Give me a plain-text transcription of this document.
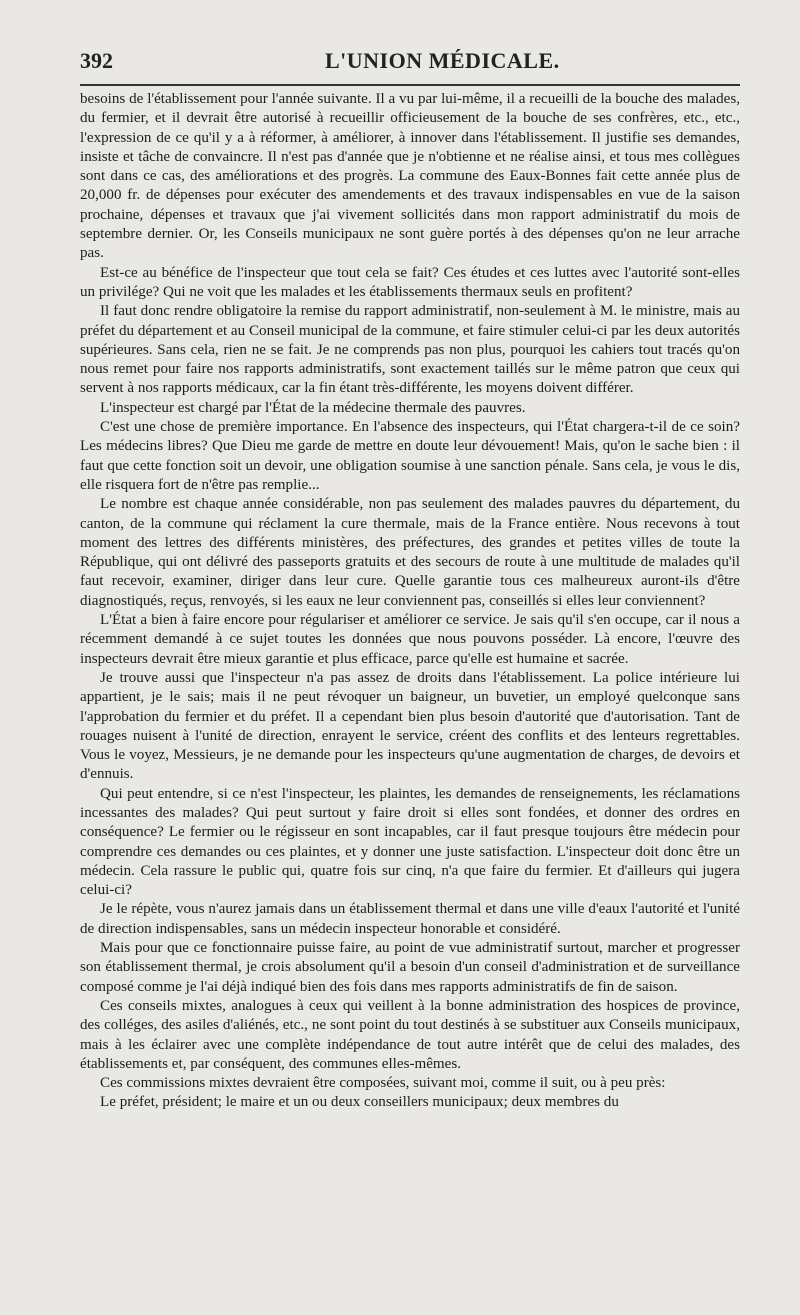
392	L'UNION MÉDICALE.

besoins de l'établissement pour l'année suivante. Il a vu par lui-même, il a recueilli de la bouche des malades, du fermier, et il devrait être autorisé à recueillir officieusement de la bouche de ses confrères, etc., etc., l'expression de ce qu'il y a à réformer, à améliorer, à innover dans l'établissement. Il justifie ses demandes, insiste et tâche de convaincre. Il n'est pas d'année que je n'obtienne et ne réalise ainsi, et tous mes collègues sont dans ce cas, des améliorations et des progrès. La commune des Eaux-Bonnes fait cette année plus de 20,000 fr. de dépenses pour exécuter des amendements et des travaux indispensables en vue de la saison prochaine, dépenses et travaux que j'ai vivement sollicités dans mon rapport administratif du mois de septembre dernier. Or, les Conseils municipaux ne sont guère portés à des dépenses qu'on ne leur arrache pas.

Est-ce au bénéfice de l'inspecteur que tout cela se fait? Ces études et ces luttes avec l'autorité sont-elles un privilége? Qui ne voit que les malades et les établissements thermaux seuls en profitent?

Il faut donc rendre obligatoire la remise du rapport administratif, non-seulement à M. le ministre, mais au préfet du département et au Conseil municipal de la commune, et faire stimuler celui-ci par les deux autorités supérieures. Sans cela, rien ne se fait. Je ne comprends pas non plus, pourquoi les cahiers tout tracés qu'on nous remet pour faire nos rapports administratifs, sont exactement taillés sur le même patron que ceux qui servent à nos rapports médicaux, car la fin étant très-différente, les moyens doivent différer.

L'inspecteur est chargé par l'État de la médecine thermale des pauvres.

C'est une chose de première importance. En l'absence des inspecteurs, qui l'État chargera-t-il de ce soin? Les médecins libres? Que Dieu me garde de mettre en doute leur dévouement! Mais, qu'on le sache bien : il faut que cette fonction soit un devoir, une obligation soumise à une sanction pénale. Sans cela, je vous le dis, elle risquera fort de n'être pas remplie...

Le nombre est chaque année considérable, non pas seulement des malades pauvres du département, du canton, de la commune qui réclament la cure thermale, mais de la France entière. Nous recevons à tout moment des lettres des différents ministères, des préfectures, des grandes et petites villes de toute la République, qui ont délivré des passeports gratuits et des secours de route à une multitude de malades qu'il faut recevoir, examiner, diriger dans leur cure. Quelle garantie tous ces malheureux auront-ils d'être diagnostiqués, reçus, renvoyés, si les eaux ne leur conviennent pas, conseillés si elles leur conviennent?

L'État a bien à faire encore pour régulariser et améliorer ce service. Je sais qu'il s'en occupe, car il nous a récemment demandé à ce sujet toutes les données que nous pouvons posséder. Là encore, l'œuvre des inspecteurs devrait être mieux garantie et plus efficace, parce qu'elle est humaine et sacrée.

Je trouve aussi que l'inspecteur n'a pas assez de droits dans l'établissement. La police intérieure lui appartient, je le sais; mais il ne peut révoquer un baigneur, un buvetier, un employé quelconque sans l'approbation du fermier et du préfet. Il a cependant bien plus besoin d'autorité que d'autorisation. Tant de rouages nuisent à l'unité de direction, enrayent le service, créent des conflits et des lenteurs regrettables. Vous le voyez, Messieurs, je ne demande pour les inspecteurs qu'une augmentation de charges, de devoirs et d'ennuis.

Qui peut entendre, si ce n'est l'inspecteur, les plaintes, les demandes de renseignements, les réclamations incessantes des malades? Qui peut surtout y faire droit si elles sont fondées, et donner des ordres en conséquence? Le fermier ou le régisseur en sont incapables, car il faut presque toujours être médecin pour comprendre ces demandes ou ces plaintes, et y donner une juste satisfaction. L'inspecteur doit donc être un médecin. Cela rassure le public qui, quatre fois sur cinq, n'a que faire du fermier. Et d'ailleurs qui jugera celui-ci?

Je le répète, vous n'aurez jamais dans un établissement thermal et dans une ville d'eaux l'autorité et l'unité de direction indispensables, sans un médecin inspecteur honorable et considéré.

Mais pour que ce fonctionnaire puisse faire, au point de vue administratif surtout, marcher et progresser son établissement thermal, je crois absolument qu'il a besoin d'un conseil d'administration et de surveillance composé comme je l'ai déjà indiqué bien des fois dans mes rapports administratifs de fin de saison.

Ces conseils mixtes, analogues à ceux qui veillent à la bonne administration des hospices de province, des colléges, des asiles d'aliénés, etc., ne sont point du tout destinés à se substituer aux Conseils municipaux, mais à les éclairer avec une complète indépendance de tout autre intérêt que de celui des malades, des établissements et, par conséquent, des communes elles-mêmes.

Ces commissions mixtes devraient être composées, suivant moi, comme il suit, ou à peu près:

Le préfet, président; le maire et un ou deux conseillers municipaux; deux membres du
